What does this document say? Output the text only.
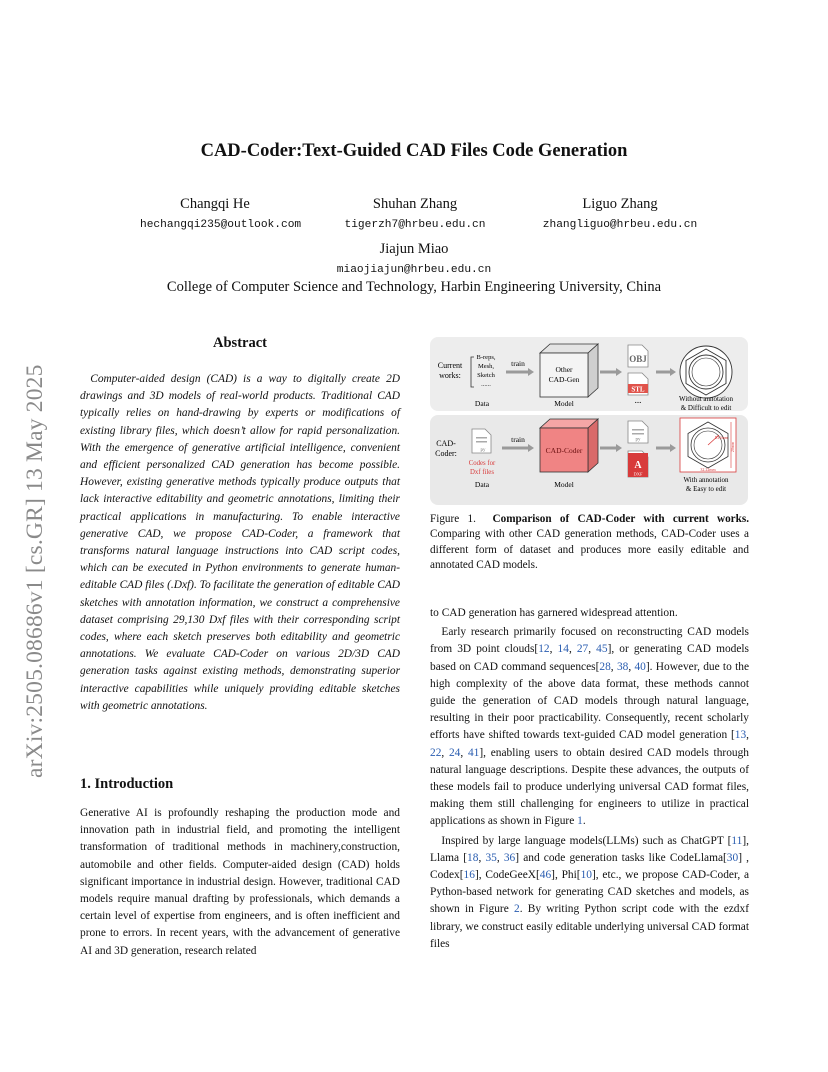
arXiv:2505.08686v1 [cs.GR] 13 May 2025
CAD-Coder:Text-Guided CAD Files Code Generation
Changqi He
hechangqi235@outlook.com
Shuhan Zhang
tigerzh7@hrbeu.edu.cn
Liguo Zhang
zhangliguo@hrbeu.edu.cn
Jiajun Miao
miaojiajun@hrbeu.edu.cn
College of Computer Science and Technology, Harbin Engineering University, China
Abstract

Computer-aided design (CAD) is a way to digitally create 2D drawings and 3D models of real-world products. Traditional CAD typically relies on hand-drawing by experts or modifications of existing library files, which doesn’t allow for rapid personalization. With the emergence of generative artificial intelligence, convenient and efficient personalized CAD generation has become possible. However, existing generative methods typically produce outputs that lack interactive editability and geometric annotations, limiting their practical applications in manufacturing. To enable interactive generative CAD, we propose CAD-Coder, a framework that transforms natural language instructions into CAD script codes, which can be executed in Python environments to generate human-editable CAD files (.Dxf). To facilitate the generation of editable CAD sketches with annotation information, we construct a comprehensive dataset comprising 29,130 Dxf files with their corresponding script codes, where each sketch preserves both editability and geometric annotations. We evaluate CAD-Coder on various 2D/3D CAD generation tasks against existing methods, demonstrating superior interactive capabilities while uniquely providing editable sketches with geometric annotations.

1. Introduction

Generative AI is profoundly reshaping the production mode and innovation path in industrial field, and promoting the intelligent transformation of traditional methods in machinery,construction, automobile and other fields. Computer-aided design (CAD) holds significant importance in industrial design. However, traditional CAD models require manual drafting by professionals, which demands a certain level of expertise from engineers, and is often inefficient and prone to errors. In recent years, with the advancement of generative AI and 3D generation, research related

Current
works:
B-reps,
Mesh,
Sketch
......
train
Other
CAD-Gen
OBJ
STL
Data	Model	...	Without annotation
& Difficult to edit
CAD-
Coder:	py
Codes for
Dxf files
train
CAD-Coder
py
A
DXF
20mm
R12mm
32.22mm
Data	Model	With annotation
& Easy to edit
Figure 1. Comparison of CAD-Coder with current works. Comparing with other CAD generation methods, CAD-Coder uses a different form of dataset and produces more easily editable and annotated CAD models.

to CAD generation has garnered widespread attention.

Early research primarily focused on reconstructing CAD models from 3D point clouds[12, 14, 27, 45], or generating CAD models based on CAD command sequences[28, 38, 40]. However, due to the high complexity of the above data format, these methods cannot guide the generation of CAD models through natural language, resulting in their poor practicability. Consequently, recent scholarly efforts have shifted towards text-guided CAD model generation [13, 22, 24, 41], enabling users to obtain desired CAD models through natural language descriptions. Despite these advances, the outputs of these models fail to produce underlying universal CAD format files, making them still challenging for engineers to utilize in practical applications as shown in Figure 1.

Inspired by large language models(LLMs) such as ChatGPT [11], Llama [18, 35, 36] and code generation tasks like CodeLlama[30] , Codex[16], CodeGeeX[46], Phi[10], etc., we propose CAD-Coder, a Python-based network for generating CAD sketches and models, as shown in Figure 2. By writing Python script code with the ezdxf library, we construct easily editable underlying universal CAD format files
